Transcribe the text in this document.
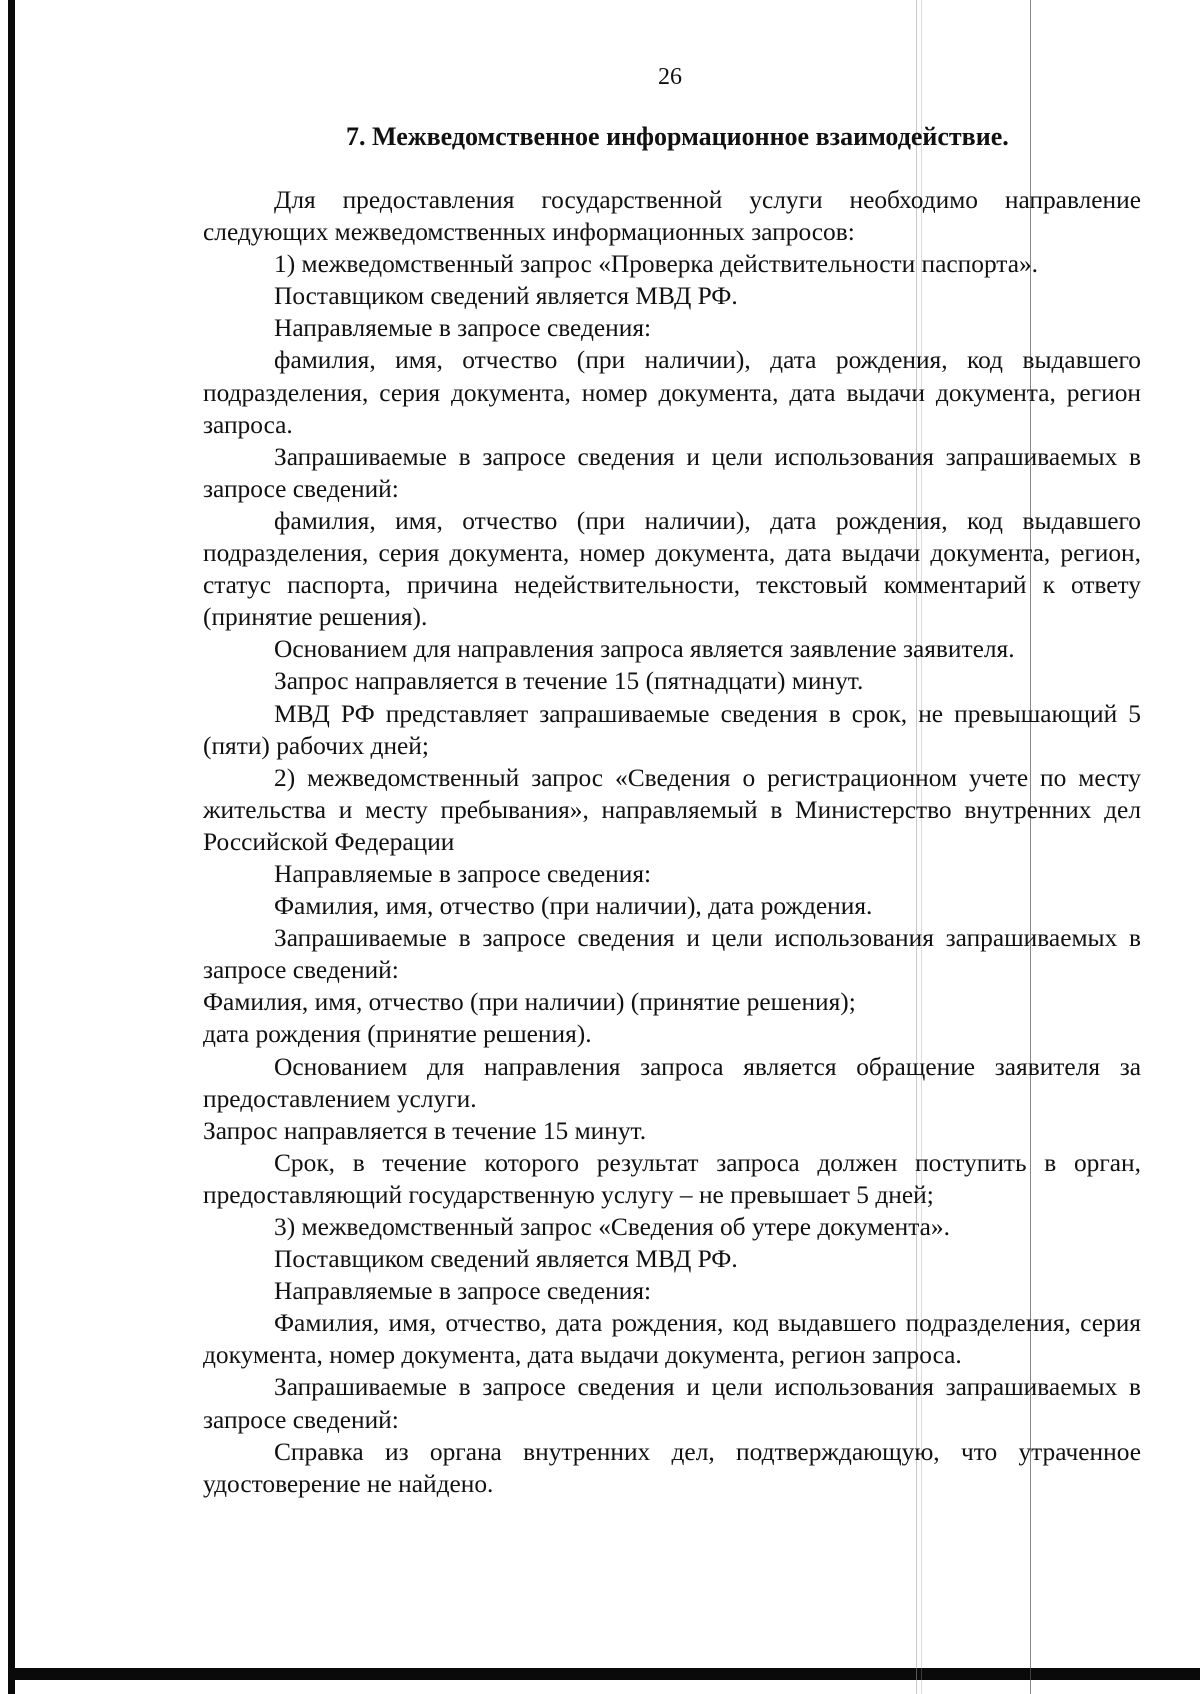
26
7. Межведомственное информационное взаимодействие.

Для предоставления государственной услуги необходимо направление следующих межведомственных информационных запросов:

1) межведомственный запрос «Проверка действительности паспорта».

Поставщиком сведений является МВД РФ.

Направляемые в запросе сведения:

фамилия, имя, отчество (при наличии), дата рождения, код выдавшего подразделения, серия документа, номер документа, дата выдачи документа, регион запроса.

Запрашиваемые в запросе сведения и цели использования запрашиваемых в запросе сведений:

фамилия, имя, отчество (при наличии), дата рождения, код выдавшего подразделения, серия документа, номер документа, дата выдачи документа, регион, статус паспорта, причина недействительности, текстовый комментарий к ответу (принятие решения).

Основанием для направления запроса является заявление заявителя.

Запрос направляется в течение 15 (пятнадцати) минут.

МВД РФ представляет запрашиваемые сведения в срок, не превышающий 5 (пяти) рабочих дней;

2) межведомственный запрос «Сведения о регистрационном учете по месту жительства и месту пребывания», направляемый в Министерство внутренних дел Российской Федерации

Направляемые в запросе сведения:

Фамилия, имя, отчество (при наличии), дата рождения.

Запрашиваемые в запросе сведения и цели использования запрашиваемых в запросе сведений:

Фамилия, имя, отчество (при наличии) (принятие решения);

дата рождения (принятие решения).

Основанием для направления запроса является обращение заявителя за предоставлением услуги.

Запрос направляется в течение 15 минут.

Срок, в течение которого результат запроса должен поступить в орган, предоставляющий государственную услугу – не превышает 5 дней;

3) межведомственный запрос «Сведения об утере документа».

Поставщиком сведений является МВД РФ.

Направляемые в запросе сведения:

Фамилия, имя, отчество, дата рождения, код выдавшего подразделения, серия документа, номер документа, дата выдачи документа, регион запроса.

Запрашиваемые в запросе сведения и цели использования запрашиваемых в запросе сведений:

Справка из органа внутренних дел, подтверждающую, что утраченное удостоверение не найдено.
